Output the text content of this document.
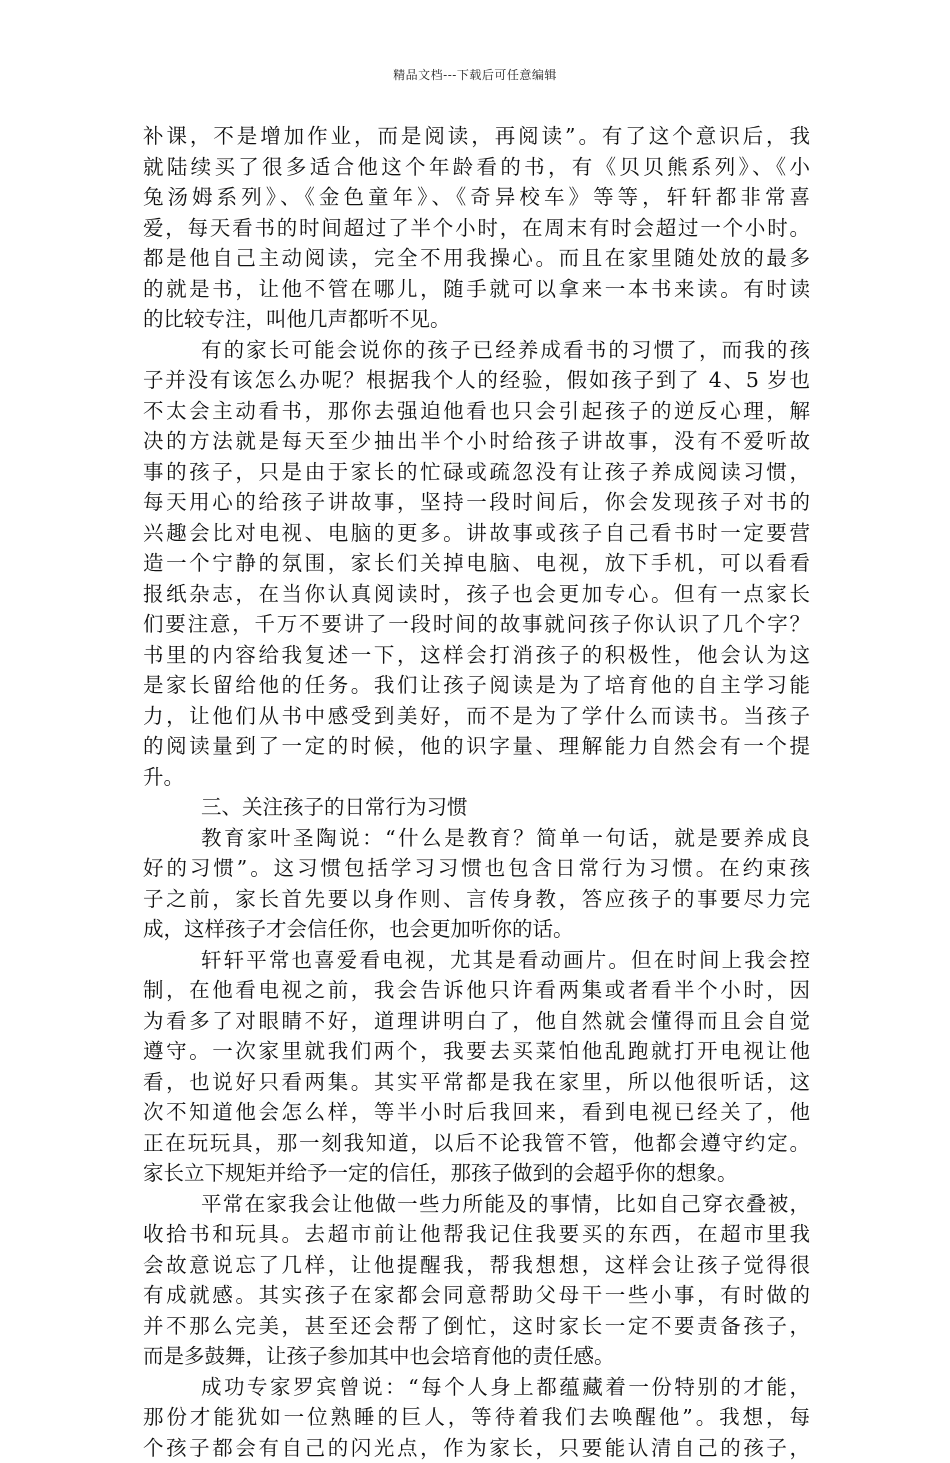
精品文档---下载后可任意编辑
补课，不是增加作业，而是阅读，再阅读”。有了这个意识后，我
就陆续买了很多适合他这个年龄看的书，有《贝贝熊系列》、《小
兔汤姆系列》、《金色童年》、《奇异校车》等等，轩轩都非常喜
爱，每天看书的时间超过了半个小时，在周末有时会超过一个小时。
都是他自己主动阅读，完全不用我操心。而且在家里随处放的最多
的就是书，让他不管在哪儿，随手就可以拿来一本书来读。有时读
的比较专注，叫他几声都听不见。
有的家长可能会说你的孩子已经养成看书的习惯了，而我的孩
子并没有该怎么办呢？根据我个人的经验，假如孩子到了 4、5 岁也
不太会主动看书，那你去强迫他看也只会引起孩子的逆反心理，解
决的方法就是每天至少抽出半个小时给孩子讲故事，没有不爱听故
事的孩子，只是由于家长的忙碌或疏忽没有让孩子养成阅读习惯，
每天用心的给孩子讲故事，坚持一段时间后，你会发现孩子对书的
兴趣会比对电视、电脑的更多。讲故事或孩子自己看书时一定要营
造一个宁静的氛围，家长们关掉电脑、电视，放下手机，可以看看
报纸杂志，在当你认真阅读时，孩子也会更加专心。但有一点家长
们要注意，千万不要讲了一段时间的故事就问孩子你认识了几个字？
书里的内容给我复述一下，这样会打消孩子的积极性，他会认为这
是家长留给他的任务。我们让孩子阅读是为了培育他的自主学习能
力，让他们从书中感受到美好，而不是为了学什么而读书。当孩子
的阅读量到了一定的时候，他的识字量、理解能力自然会有一个提
升。
三、关注孩子的日常行为习惯
教育家叶圣陶说：“什么是教育？简单一句话，就是要养成良
好的习惯”。这习惯包括学习习惯也包含日常行为习惯。在约束孩
子之前，家长首先要以身作则、言传身教，答应孩子的事要尽力完
成，这样孩子才会信任你，也会更加听你的话。
轩轩平常也喜爱看电视，尤其是看动画片。但在时间上我会控
制，在他看电视之前，我会告诉他只许看两集或者看半个小时，因
为看多了对眼睛不好，道理讲明白了，他自然就会懂得而且会自觉
遵守。一次家里就我们两个，我要去买菜怕他乱跑就打开电视让他
看，也说好只看两集。其实平常都是我在家里，所以他很听话，这
次不知道他会怎么样，等半小时后我回来，看到电视已经关了，他
正在玩玩具，那一刻我知道，以后不论我管不管，他都会遵守约定。
家长立下规矩并给予一定的信任，那孩子做到的会超乎你的想象。
平常在家我会让他做一些力所能及的事情，比如自己穿衣叠被，
收拾书和玩具。去超市前让他帮我记住我要买的东西，在超市里我
会故意说忘了几样，让他提醒我，帮我想想，这样会让孩子觉得很
有成就感。其实孩子在家都会同意帮助父母干一些小事，有时做的
并不那么完美，甚至还会帮了倒忙，这时家长一定不要责备孩子，
而是多鼓舞，让孩子参加其中也会培育他的责任感。
成功专家罗宾曾说：“每个人身上都蕴藏着一份特别的才能，
那份才能犹如一位熟睡的巨人，等待着我们去唤醒他”。我想，每
个孩子都会有自己的闪光点，作为家长，只要能认清自己的孩子，
